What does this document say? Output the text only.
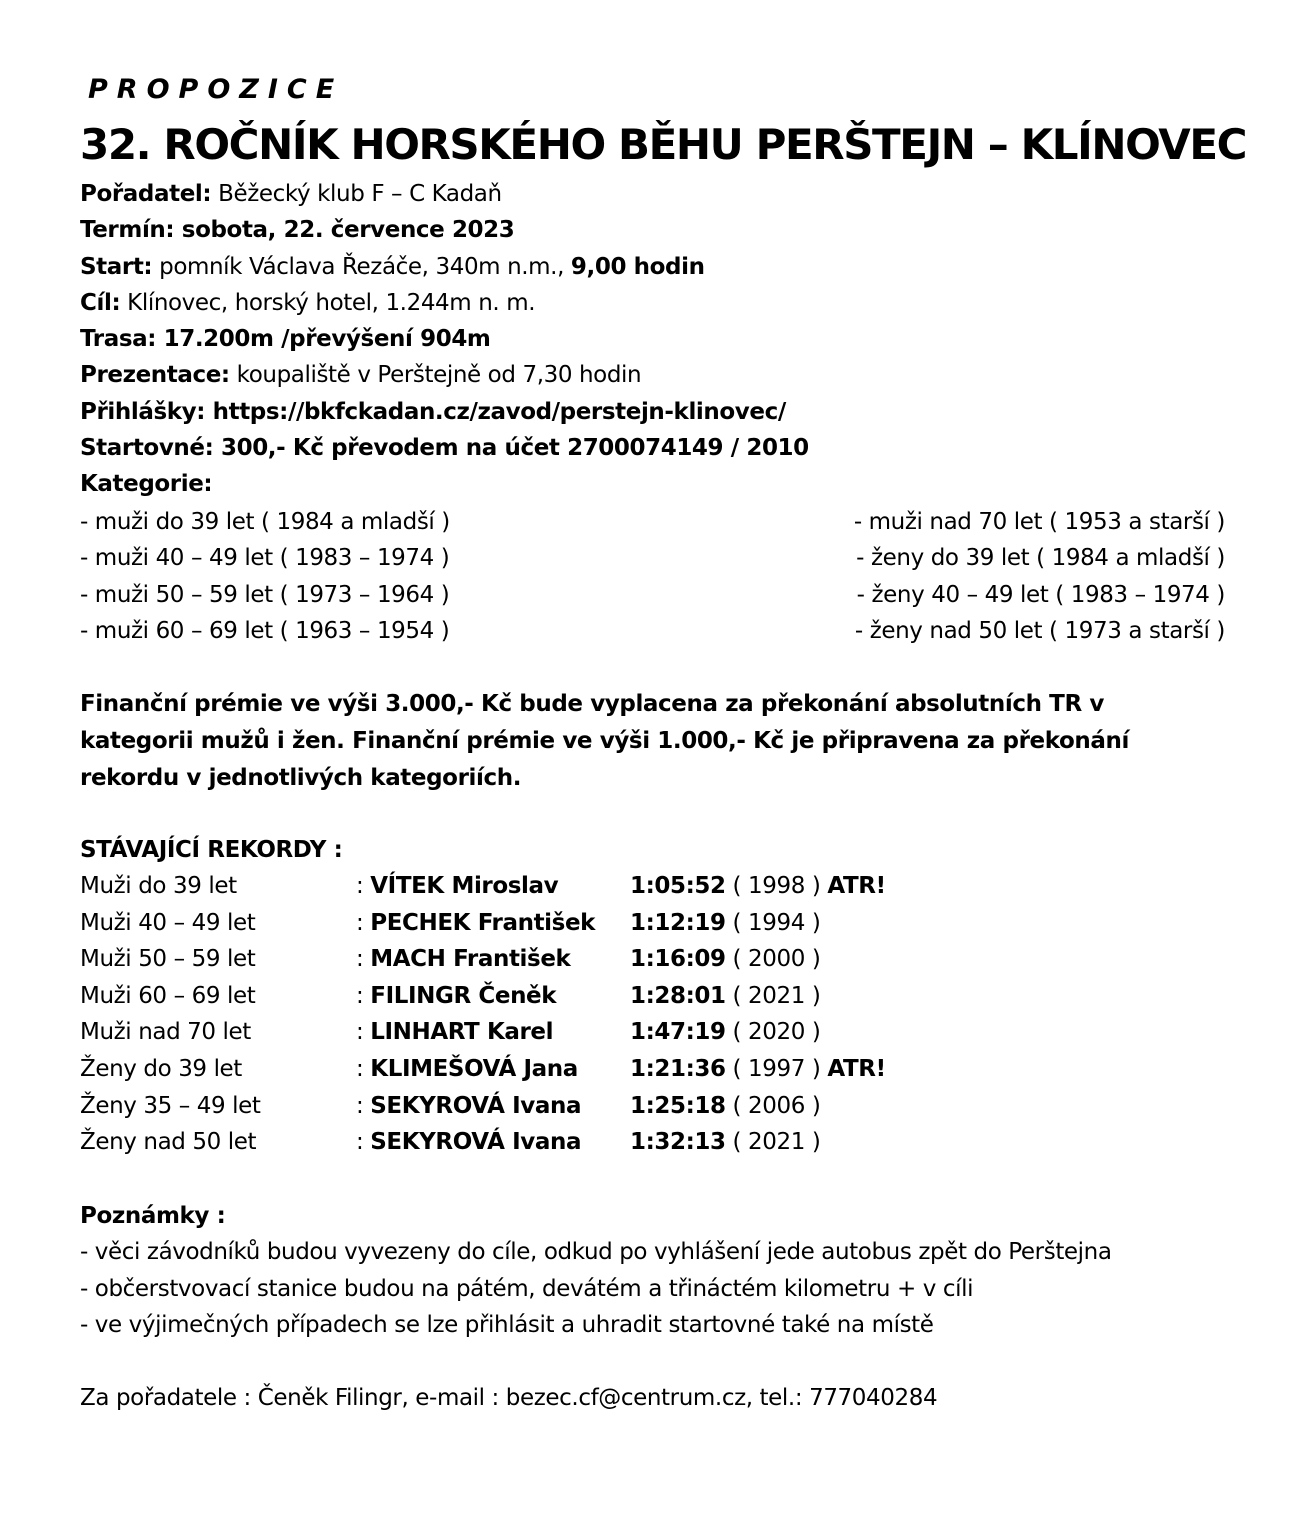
PROPOZICE

32. ROČNÍK HORSKÉHO BĚHU PERŠTEJN – KLÍNOVEC
Pořadatel: Běžecký klub F – C Kadaň
Termín: sobota, 22. července 2023
Start: pomník Václava Řezáče, 340m n.m., 9,00 hodin
Cíl: Klínovec, horský hotel, 1.244m n. m.
Trasa: 17.200m /převýšení 904m
Prezentace: koupaliště v Perštejně od 7,30 hodin
Přihlášky: https://bkfckadan.cz/zavod/perstejn-klinovec/
Startovné: 300,- Kč převodem na účet 2700074149 / 2010
Kategorie:
- muži do 39 let ( 1984 a mladší )	- muži nad 70 let ( 1953 a starší )
- muži 40 – 49 let ( 1983 – 1974 )	- ženy do 39 let ( 1984 a mladší )
- muži 50 – 59 let ( 1973 – 1964 )	- ženy 40 – 49 let ( 1983 – 1974 )
- muži 60 – 69 let ( 1963 – 1954 )	- ženy nad 50 let ( 1973 a starší )

Finanční prémie ve výši 3.000,- Kč bude vyplacena za překonání absolutních TR v kategorii mužů i žen. Finanční prémie ve výši 1.000,- Kč je připravena za překonání rekordu v jednotlivých kategoriích.

STÁVAJÍCÍ REKORDY :

Muži do 39 let	: VÍTEK Miroslav	1:05:52 ( 1998 ) ATR!
Muži 40 – 49 let	: PECHEK František 1:12:19 ( 1994 )
Muži 50 – 59 let	: MACH František	1:16:09 ( 2000 )
Muži 60 – 69 let	: FILINGR Čeněk	1:28:01 ( 2021 )
Muži nad 70 let	: LINHART Karel	1:47:19 ( 2020 )
Ženy do 39 let	: KLIMEŠOVÁ Jana 1:21:36 ( 1997 ) ATR!
Ženy 35 – 49 let	: SEKYROVÁ Ivana 1:25:18 ( 2006 )
Ženy nad 50 let	: SEKYROVÁ Ivana 1:32:13 ( 2021 )

Poznámky :

- věci závodníků budou vyvezeny do cíle, odkud po vyhlášení jede autobus zpět do Perštejna
- občerstvovací stanice budou na pátém, devátém a třináctém kilometru + v cíli
- ve výjimečných případech se lze přihlásit a uhradit startovné také na místě

Za pořadatele : Čeněk Filingr, e-mail : bezec.cf@centrum.cz, tel.: 777040284
